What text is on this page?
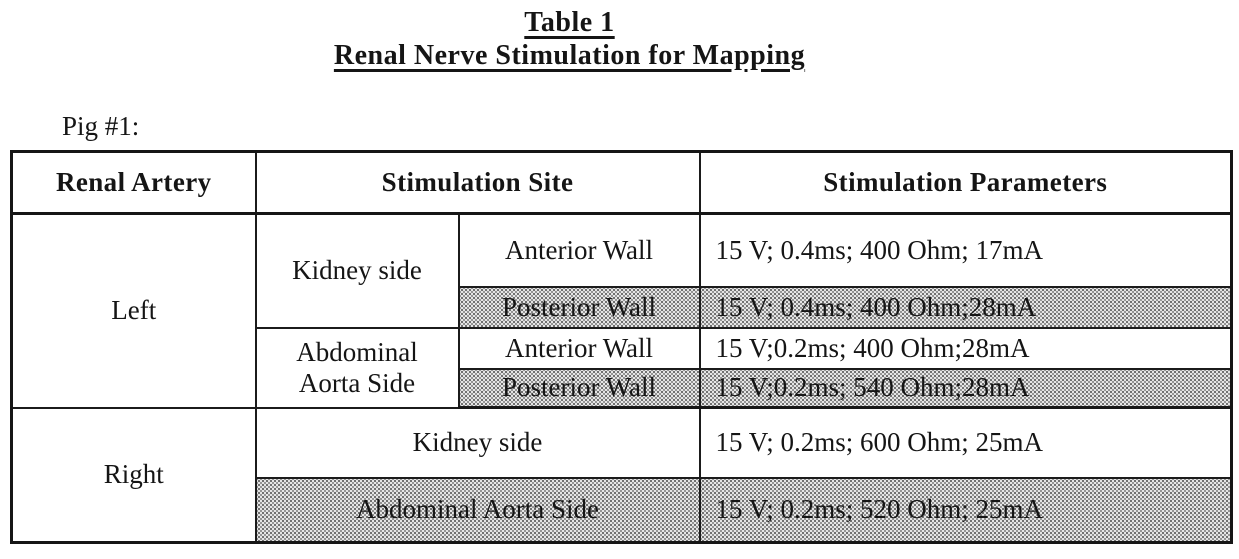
Table 1
Renal Nerve Stimulation for Mapping
Pig #1:
Renal Artery	Stimulation Site		Stimulation Parameters
Left	Kidney side	Anterior Wall	15 V; 0.4ms; 400 Ohm; 17mA
		Posterior Wall	15 V; 0.4ms; 400 Ohm;28mA
	Abdominal Aorta Side	Anterior Wall	15 V;0.2ms; 400 Ohm;28mA
		Posterior Wall	15 V;0.2ms; 540 Ohm;28mA
Right	Kidney side		15 V; 0.2ms; 600 Ohm; 25mA
	Abdominal Aorta Side		15 V; 0.2ms; 520 Ohm; 25mA
